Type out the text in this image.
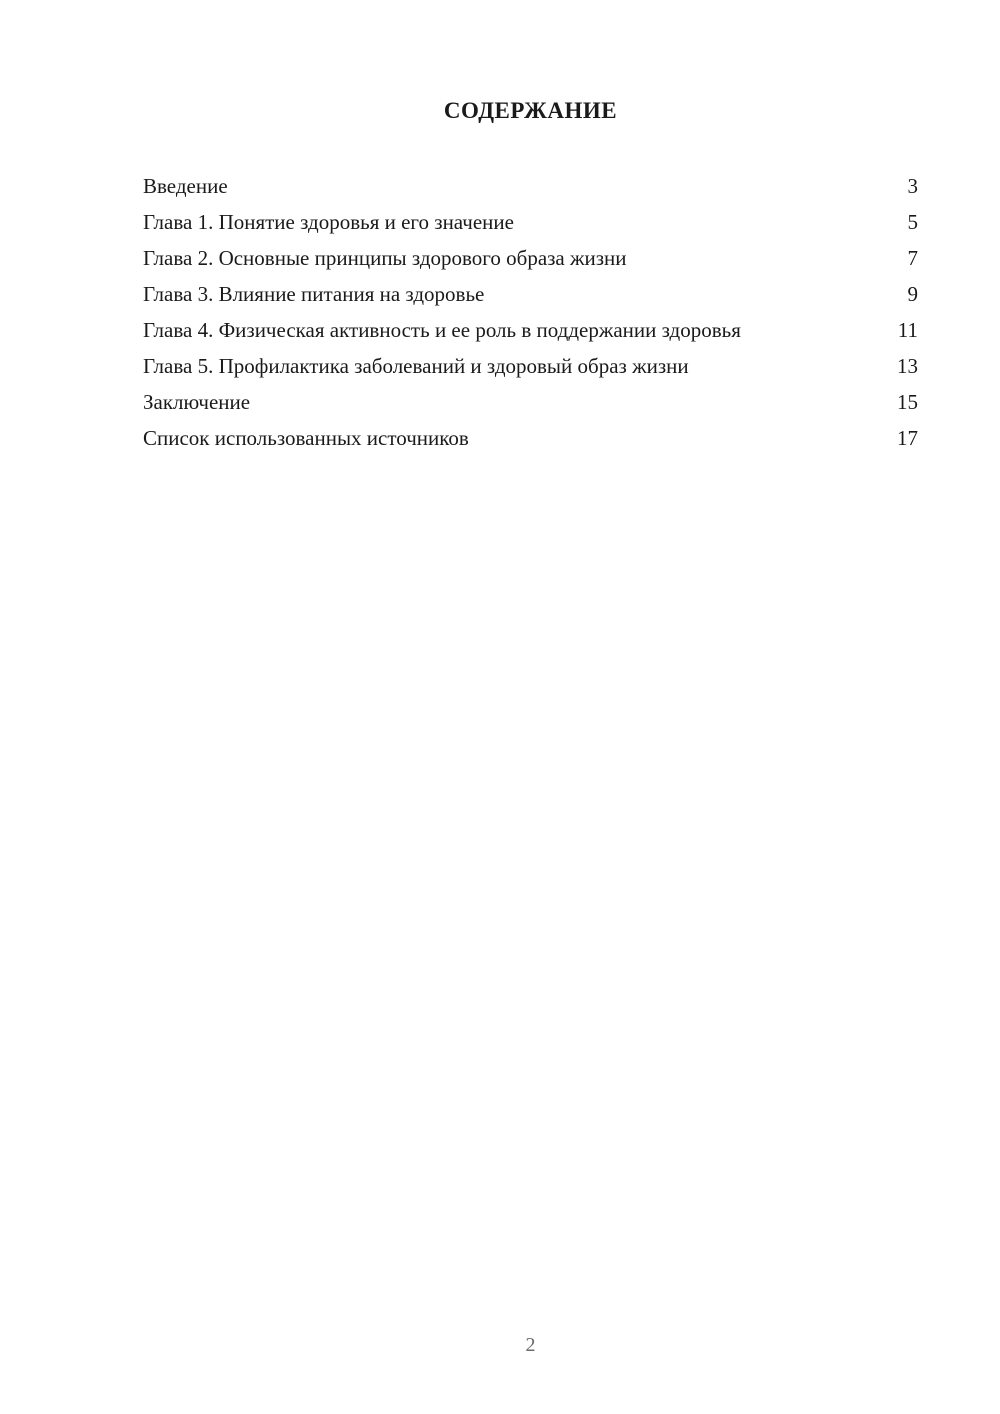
СОДЕРЖАНИЕ
Введение	3
Глава 1. Понятие здоровья и его значение	5
Глава 2. Основные принципы здорового образа жизни	7
Глава 3. Влияние питания на здоровье	9
Глава 4. Физическая активность и ее роль в поддержании здоровья	11
Глава 5. Профилактика заболеваний и здоровый образ жизни	13
Заключение	15
Список использованных источников	17
2
